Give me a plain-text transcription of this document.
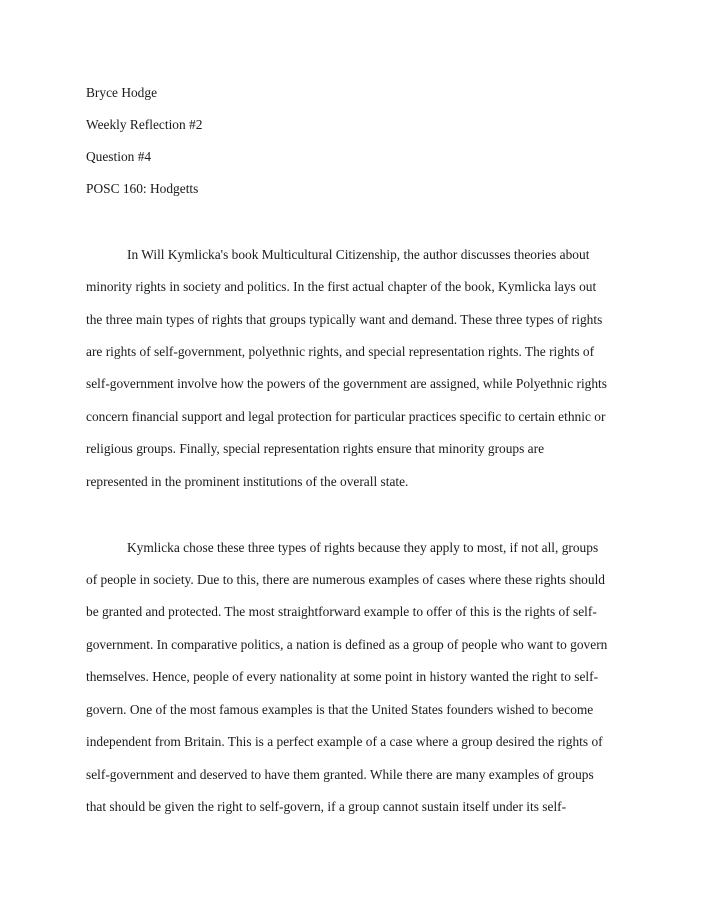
Bryce Hodge
Weekly Reflection #2
Question #4
POSC 160: Hodgetts
In Will Kymlicka's book Multicultural Citizenship, the author discusses theories about
minority rights in society and politics. In the first actual chapter of the book, Kymlicka lays out
the three main types of rights that groups typically want and demand. These three types of rights
are rights of self-government, polyethnic rights, and special representation rights. The rights of
self-government involve how the powers of the government are assigned, while Polyethnic rights
concern financial support and legal protection for particular practices specific to certain ethnic or
religious groups. Finally, special representation rights ensure that minority groups are
represented in the prominent institutions of the overall state.
Kymlicka chose these three types of rights because they apply to most, if not all, groups
of people in society. Due to this, there are numerous examples of cases where these rights should
be granted and protected. The most straightforward example to offer of this is the rights of self-
government. In comparative politics, a nation is defined as a group of people who want to govern
themselves. Hence, people of every nationality at some point in history wanted the right to self-
govern. One of the most famous examples is that the United States founders wished to become
independent from Britain. This is a perfect example of a case where a group desired the rights of
self-government and deserved to have them granted. While there are many examples of groups
that should be given the right to self-govern, if a group cannot sustain itself under its self-
